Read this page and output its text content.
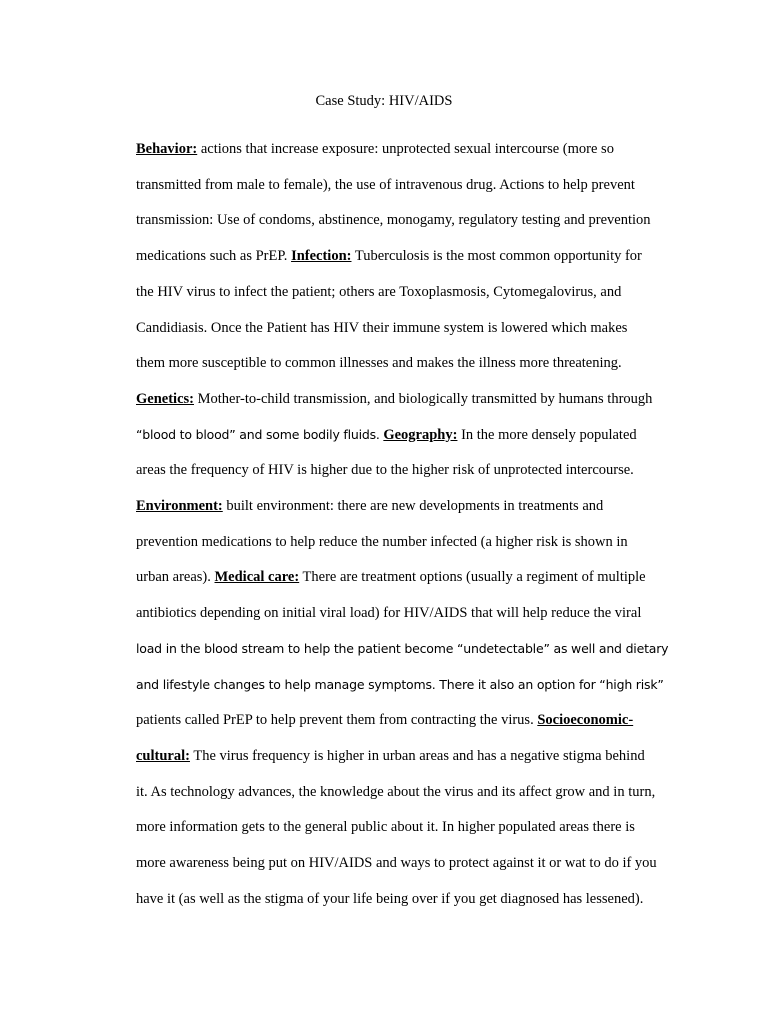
Case Study: HIV/AIDS
Behavior: actions that increase exposure: unprotected sexual intercourse (more so
transmitted from male to female), the use of intravenous drug. Actions to help prevent
transmission: Use of condoms, abstinence, monogamy, regulatory testing and prevention
medications such as PrEP. Infection: Tuberculosis is the most common opportunity for
the HIV virus to infect the patient; others are Toxoplasmosis, Cytomegalovirus, and
Candidiasis. Once the Patient has HIV their immune system is lowered which makes
them more susceptible to common illnesses and makes the illness more threatening.
Genetics: Mother-to-child transmission, and biologically transmitted by humans through
“blood to blood” and some bodily fluids. Geography: In the more densely populated
areas the frequency of HIV is higher due to the higher risk of unprotected intercourse.
Environment: built environment: there are new developments in treatments and
prevention medications to help reduce the number infected (a higher risk is shown in
urban areas). Medical care: There are treatment options (usually a regiment of multiple
antibiotics depending on initial viral load) for HIV/AIDS that will help reduce the viral
load in the blood stream to help the patient become “undetectable” as well and dietary
and lifestyle changes to help manage symptoms. There it also an option for “high risk”
patients called PrEP to help prevent them from contracting the virus. Socioeconomic-
cultural: The virus frequency is higher in urban areas and has a negative stigma behind
it. As technology advances, the knowledge about the virus and its affect grow and in turn,
more information gets to the general public about it. In higher populated areas there is
more awareness being put on HIV/AIDS and ways to protect against it or wat to do if you
have it (as well as the stigma of your life being over if you get diagnosed has lessened).
